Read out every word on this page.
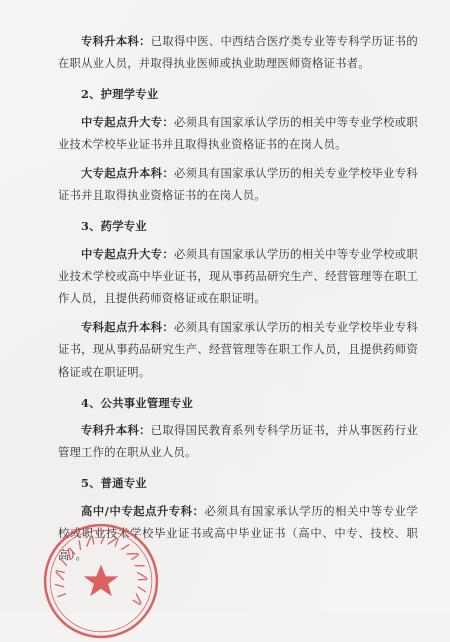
专科升本科：已取得中医、中西结合医疗类专业等专科学历证书的在职从业人员，并取得执业医师或执业助理医师资格证书者。

2、护理学专业

中专起点升大专：必须具有国家承认学历的相关中等专业学校或职业技术学校毕业证书并且取得执业资格证书的在岗人员。

大专起点升本科：必须具有国家承认学历的相关专业学校毕业专科证书并且取得执业资格证书的在岗人员。

3、药学专业

中专起点升大专：必须具有国家承认学历的相关中等专业学校或职业技术学校或高中毕业证书，现从事药品研究生产、经营管理等在职工作人员，且提供药师资格证或在职证明。

专科起点升本科：必须具有国家承认学历的相关专业学校毕业专科证书，现从事药品研究生产、经营管理等在职工作人员，且提供药师资格证或在职证明。

4、公共事业管理专业

专科升本科：已取得国民教育系列专科学历证书，并从事医药行业管理工作的在职从业人员。

5、普通专业

高中/中专起点升专科：必须具有国家承认学历的相关中等专业学校或职业技术学校毕业证书或高中毕业证书（高中、中专、技校、职高）。
